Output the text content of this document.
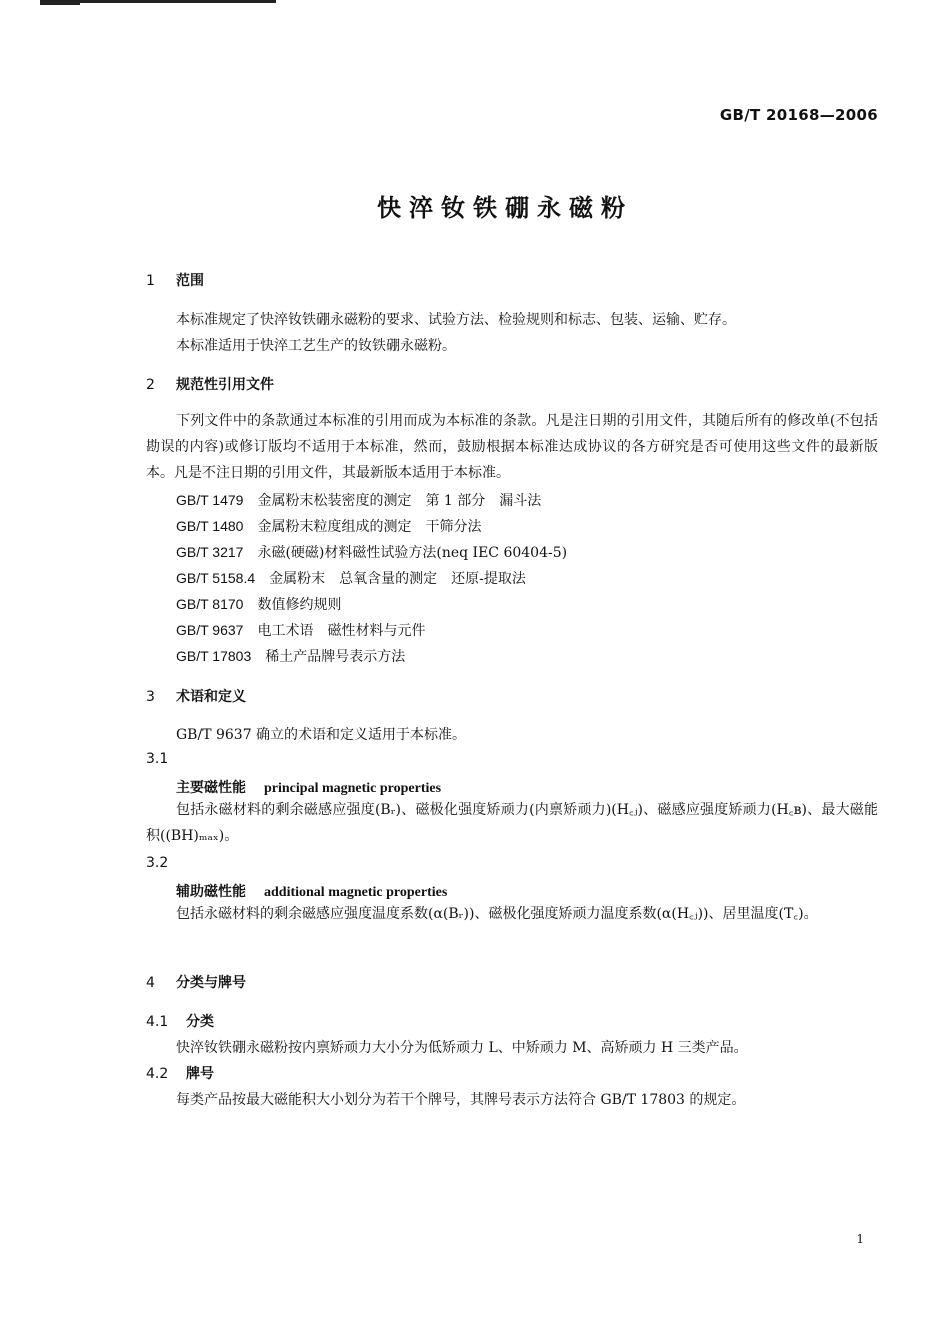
GB/T 20168—2006
快淬钕铁硼永磁粉
1 范围
本标准规定了快淬钕铁硼永磁粉的要求、试验方法、检验规则和标志、包装、运输、贮存。
本标准适用于快淬工艺生产的钕铁硼永磁粉。
2 规范性引用文件
下列文件中的条款通过本标准的引用而成为本标准的条款。凡是注日期的引用文件，其随后所有的修改单(不包括勘误的内容)或修订版均不适用于本标准，然而，鼓励根据本标准达成协议的各方研究是否可使用这些文件的最新版本。凡是不注日期的引用文件，其最新版本适用于本标准。
GB/T 1479 金属粉末松装密度的测定　第 1 部分　漏斗法
GB/T 1480 金属粉末粒度组成的测定　干筛分法
GB/T 3217 永磁(硬磁)材料磁性试验方法(neq IEC 60404-5)
GB/T 5158.4 金属粉末　总氧含量的测定　还原-提取法
GB/T 8170 数值修约规则
GB/T 9637 电工术语　磁性材料与元件
GB/T 17803 稀土产品牌号表示方法
3 术语和定义
GB/T 9637 确立的术语和定义适用于本标准。
3.1
主要磁性能 principal magnetic properties
包括永磁材料的剩余磁感应强度(Bᵣ)、磁极化强度矫顽力(内禀矫顽力)(H꜀ⱼ)、磁感应强度矫顽力(H꜀ʙ)、最大磁能积((BH)ₘₐₓ)。
3.2
辅助磁性能 additional magnetic properties
包括永磁材料的剩余磁感应强度温度系数(α(Bᵣ))、磁极化强度矫顽力温度系数(α(H꜀ⱼ))、居里温度(T꜀)。
4 分类与牌号
4.1 分类
快淬钕铁硼永磁粉按内禀矫顽力大小分为低矫顽力 L、中矫顽力 M、高矫顽力 H 三类产品。
4.2 牌号
每类产品按最大磁能积大小划分为若干个牌号，其牌号表示方法符合 GB/T 17803 的规定。
1
